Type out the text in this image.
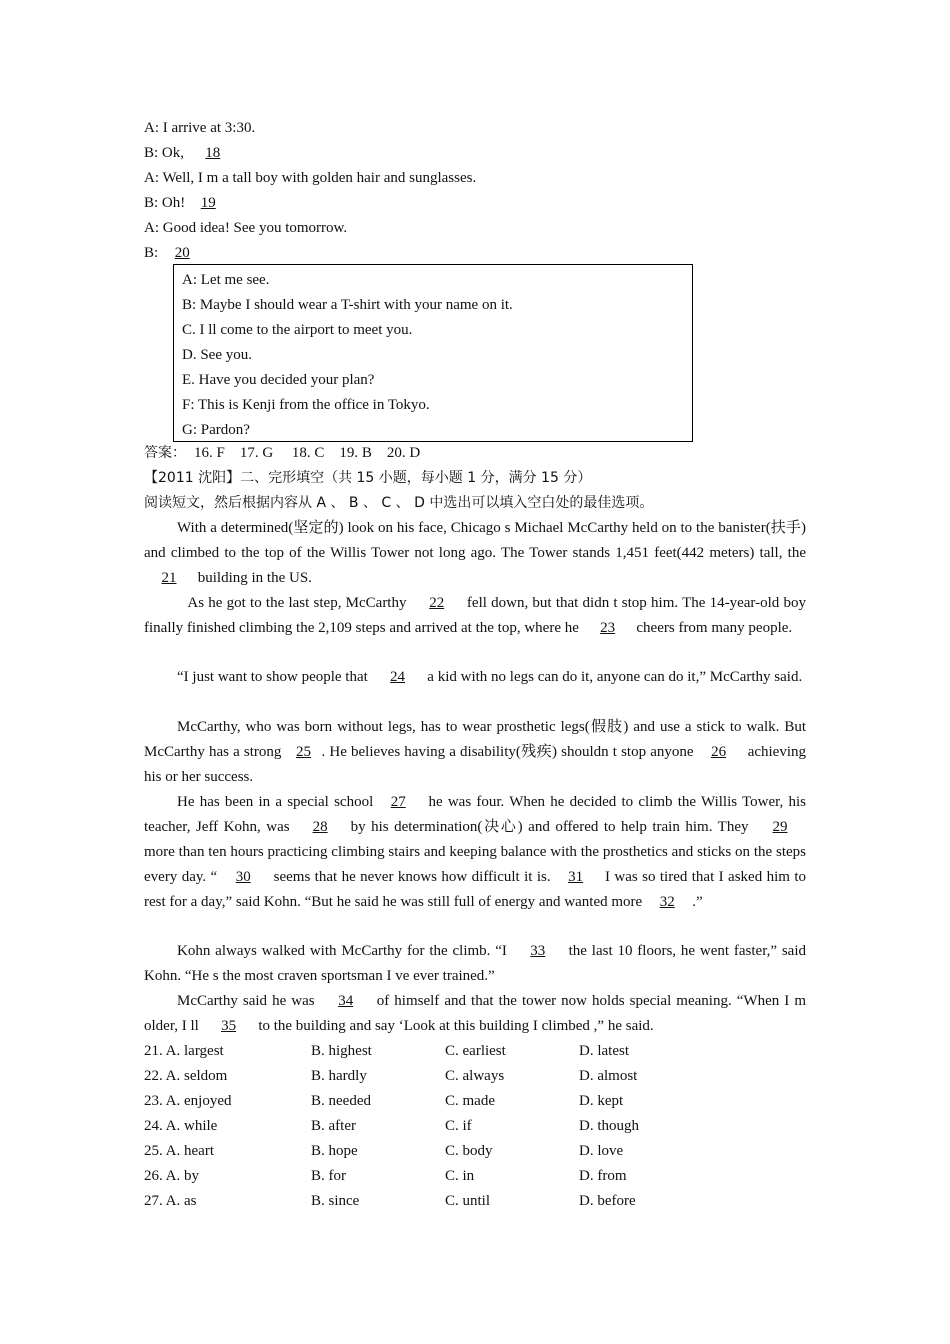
A: I arrive at 3:30.
B: Ok, 18
A: Well, I m a tall boy with golden hair and sunglasses.
B: Oh! 19
A: Good idea! See you tomorrow.
B: 20
A: Let me see.
B: Maybe I should wear a T-shirt with your name on it.
C. I ll come to the airport to meet you.
D. See you.
E. Have you decided your plan?
F: This is Kenji from the office in Tokyo.
G: Pardon?
答案： 16. F    17. G     18. C    19. B    20. D
【2011 沈阳】二、完形填空（共 15 小题，每小题 1 分，满分 15 分）
阅读短文，然后根据内容从 A 、 B 、 C 、 D 中选出可以填入空白处的最佳选项。
With a determined(坚定的) look on his face, Chicago s Michael McCarthy held on to the banister(扶手) and climbed to the top of the Willis Tower not long ago. The Tower stands 1,451 feet(442 meters) tall, the21 building in the US.
As he got to the last step, McCarthy 22 fell down, but that didn t stop him. The 14-year-old boy finally finished climbing the 2,109 steps and arrived at the top, where he 23 cheers from many people.
“I just want to show people that 24 a kid with no legs can do it, anyone can do it,” McCarthy said.
McCarthy, who was born without legs, has to wear prosthetic legs(假肢) and use a stick to walk. But McCarthy has a strong 25 . He believes having a disability(残疾) shouldn t stop anyone 26 achieving his or her success.
He has been in a special school 27 he was four. When he decided to climb the Willis Tower, his teacher, Jeff Kohn, was 28 by his determination(决心) and offered to help train him. They 29 more than ten hours practicing climbing stairs and keeping balance with the prosthetics and sticks on the steps every day. “ 30 seems that he never knows how difficult it is. 31 I was so tired that I asked him to rest for a day,” said Kohn. “But he said he was still full of energy and wanted more 32 .”
Kohn always walked with McCarthy for the climb. “I 33 the last 10 floors, he went faster,” said Kohn. “He s the most craven sportsman I ve ever trained.”
McCarthy said he was 34 of himself and that the tower now holds special meaning. “When I m older, I ll 35 to the building and say ‘Look at this building I climbed ,” he said.
21. A. largest	B. highest	C. earliest	D. latest
22. A. seldom	B. hardly	C. always	D. almost
23. A. enjoyed	B. needed	C. made	D. kept
24. A. while	B. after	C. if	D. though
25. A. heart	B. hope	C. body	D. love
26. A. by	B. for	C. in	D. from
27. A. as	B. since	C. until	D. before
